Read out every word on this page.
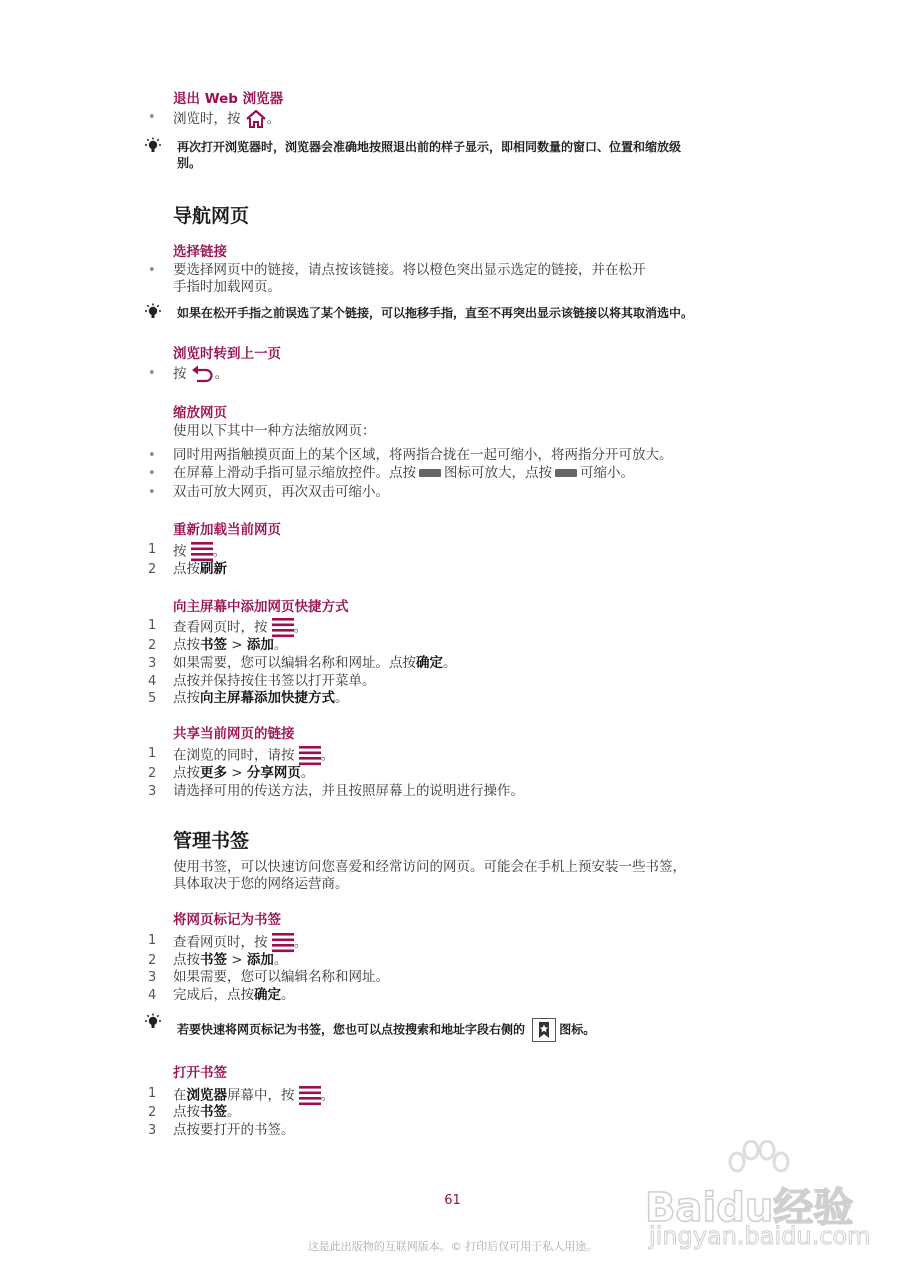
退出 Web 浏览器
• 浏览时，按 。
再次打开浏览器时，浏览器会准确地按照退出前的样子显示，即相同数量的窗口、位置和缩放级
别。
导航网页
选择链接
• 要选择网页中的链接，请点按该链接。将以橙色突出显示选定的链接，并在松开
手指时加载网页。
如果在松开手指之前误选了某个链接，可以拖移手指，直至不再突出显示该链接以将其取消选中。
浏览时转到上一页
• 按 。
缩放网页
使用以下其中一种方法缩放网页：
• 同时用两指触摸页面上的某个区域，将两指合拢在一起可缩小，将两指分开可放大。
• 在屏幕上滑动手指可显示缩放控件。点按 图标可放大，点按 可缩小。
• 双击可放大网页，再次双击可缩小。
重新加载当前网页
1 按 。
2 点按刷新
向主屏幕中添加网页快捷方式
1 查看网页时，按 。
2 点按书签 > 添加。
3 如果需要，您可以编辑名称和网址。点按确定。
4 点按并保持按住书签以打开菜单。
5 点按向主屏幕添加快捷方式。
共享当前网页的链接
1 在浏览的同时，请按 。
2 点按更多 > 分享网页。
3 请选择可用的传送方法，并且按照屏幕上的说明进行操作。
管理书签
使用书签，可以快速访问您喜爱和经常访问的网页。可能会在手机上预安装一些书签，
具体取决于您的网络运营商。
将网页标记为书签
1 查看网页时，按 。
2 点按书签 > 添加。
3 如果需要，您可以编辑名称和网址。
4 完成后，点按确定。
若要快速将网页标记为书签，您也可以点按搜索和地址字段右侧的	图标。
打开书签
1 在浏览器屏幕中，按 。
2 点按书签。
3 点按要打开的书签。
61
这是此出版物的互联网版本。© 打印后仅可用于私人用途。
Baidu经验
jingyan.baidu.com
